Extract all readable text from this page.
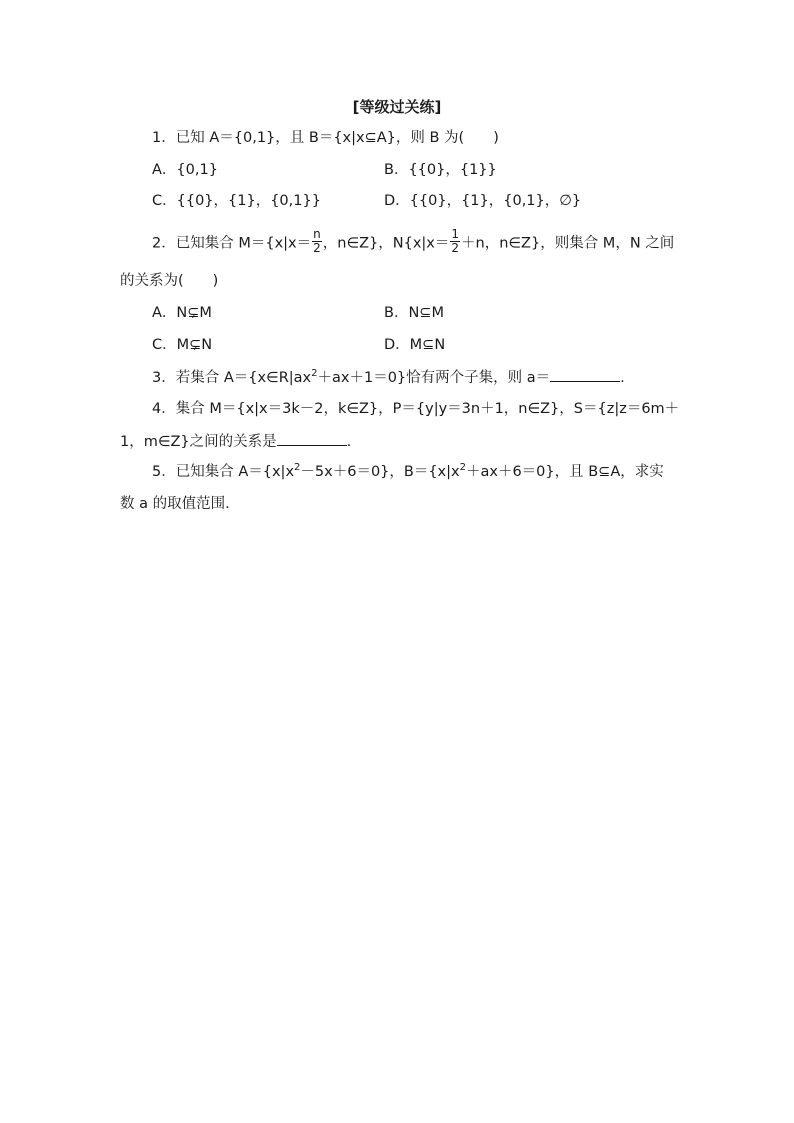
[等级过关练]
1．已知 A＝{0,1}，且 B＝{x|x⊆A}，则 B 为(　　)
A．{0,1}	B．{{0}，{1}}
C．{{0}，{1}，{0,1}}	D．{{0}，{1}，{0,1}，∅}
2．已知集合 $M=\{x|x= \frac{n}{2}$ ，n∈Z}，$N\{x|x= \frac{1}{2} +n$，n∈Z}，则集合 M，N 之间
的关系为(　　)
A．N⊊M	B．N⊆M
C．M⊊N	D．M⊆N
3．若集合 $A=\{x\in R|ax^2+ax+1=0\}$恰有两个子集，则 a＝	.
4．集合 M＝{x|x＝3k－2，k∈Z}，P＝{y|y＝3n＋1，n∈Z}，S＝{z|z＝6m＋
1，m∈Z}之间的关系是	.
5．已知集合 $A=\{x|x^2-5x+6=0\}$，$B=\{x|x^2+ax+6=0\}$，且 B⊆A，求实
数 a 的取值范围.
